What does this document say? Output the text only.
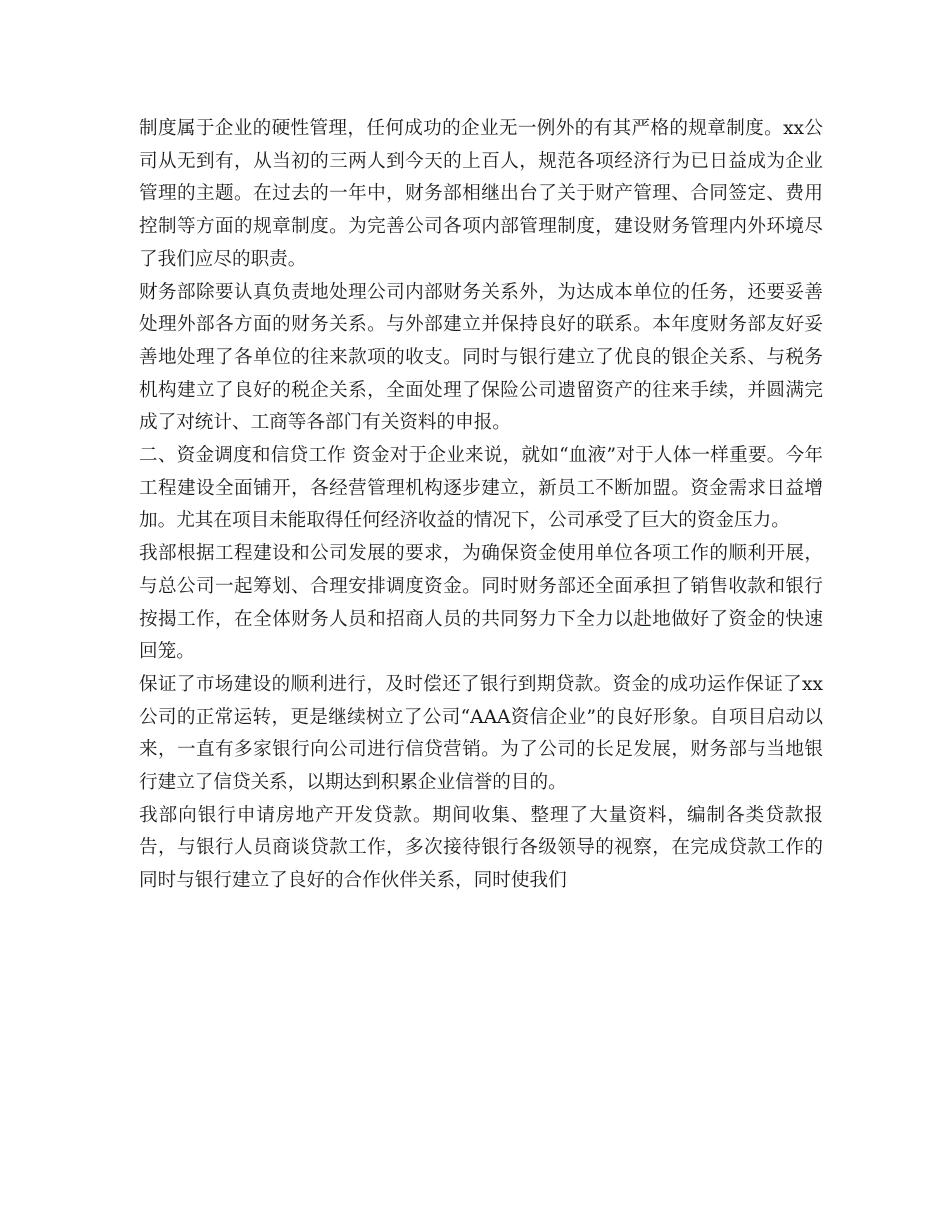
制度属于企业的硬性管理，任何成功的企业无一例外的有其严格的规章制度。xx公司从无到有，从当初的三两人到今天的上百人，规范各项经济行为已日益成为企业管理的主题。在过去的一年中，财务部相继出台了关于财产管理、合同签定、费用控制等方面的规章制度。为完善公司各项内部管理制度，建设财务管理内外环境尽了我们应尽的职责。

财务部除要认真负责地处理公司内部财务关系外，为达成本单位的任务，还要妥善处理外部各方面的财务关系。与外部建立并保持良好的联系。本年度财务部友好妥善地处理了各单位的往来款项的收支。同时与银行建立了优良的银企关系、与税务机构建立了良好的税企关系，全面处理了保险公司遗留资产的往来手续，并圆满完成了对统计、工商等各部门有关资料的申报。

二、资金调度和信贷工作 资金对于企业来说，就如“血液”对于人体一样重要。今年工程建设全面铺开，各经营管理机构逐步建立，新员工不断加盟。资金需求日益增加。尤其在项目未能取得任何经济收益的情况下，公司承受了巨大的资金压力。

我部根据工程建设和公司发展的要求，为确保资金使用单位各项工作的顺利开展，与总公司一起筹划、合理安排调度资金。同时财务部还全面承担了销售收款和银行按揭工作，在全体财务人员和招商人员的共同努力下全力以赴地做好了资金的快速回笼。

保证了市场建设的顺利进行，及时偿还了银行到期贷款。资金的成功运作保证了xx公司的正常运转，更是继续树立了公司“AAA资信企业”的良好形象。自项目启动以来，一直有多家银行向公司进行信贷营销。为了公司的长足发展，财务部与当地银行建立了信贷关系，以期达到积累企业信誉的目的。

我部向银行申请房地产开发贷款。期间收集、整理了大量资料，编制各类贷款报告，与银行人员商谈贷款工作，多次接待银行各级领导的视察，在完成贷款工作的同时与银行建立了良好的合作伙伴关系，同时使我们
